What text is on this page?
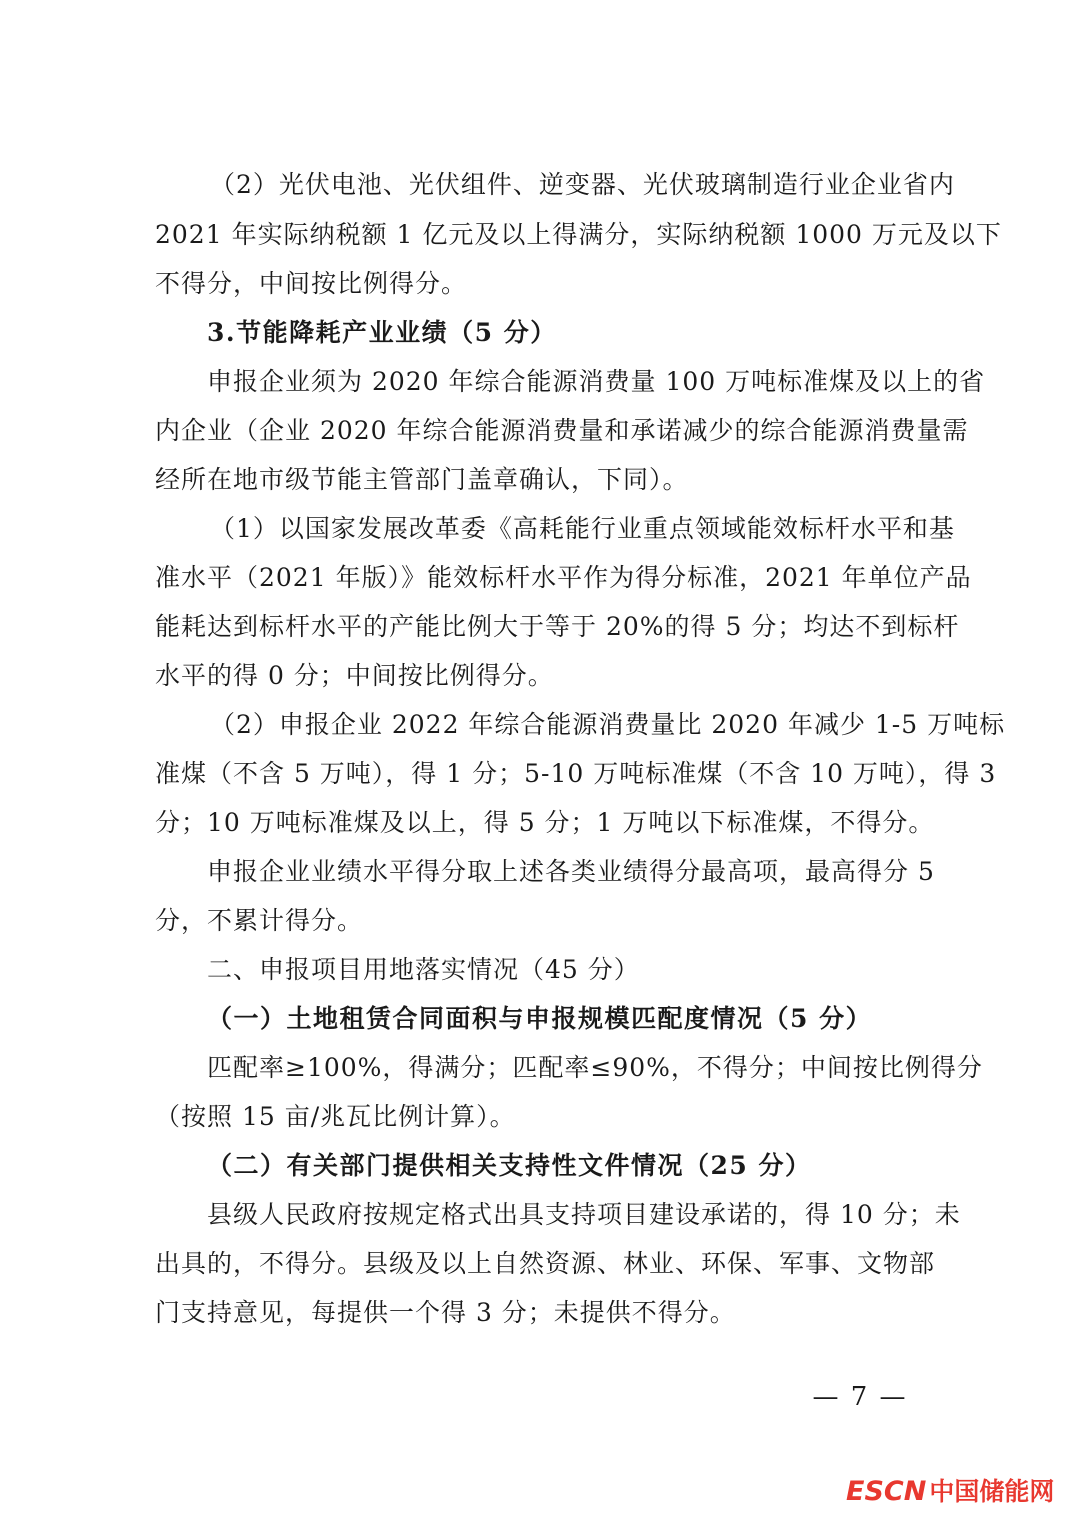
（2）光伏电池、光伏组件、逆变器、光伏玻璃制造行业企业省内
2021 年实际纳税额 1 亿元及以上得满分，实际纳税额 1000 万元及以下
不得分，中间按比例得分。
3.节能降耗产业业绩（5 分）
申报企业须为 2020 年综合能源消费量 100 万吨标准煤及以上的省
内企业（企业 2020 年综合能源消费量和承诺减少的综合能源消费量需
经所在地市级节能主管部门盖章确认，下同）。
（1）以国家发展改革委《高耗能行业重点领域能效标杆水平和基
准水平（2021 年版）》能效标杆水平作为得分标准，2021 年单位产品
能耗达到标杆水平的产能比例大于等于 20%的得 5 分；均达不到标杆
水平的得 0 分；中间按比例得分。
（2）申报企业 2022 年综合能源消费量比 2020 年减少 1-5 万吨标
准煤（不含 5 万吨），得 1 分；5-10 万吨标准煤（不含 10 万吨），得 3
分；10 万吨标准煤及以上，得 5 分；1 万吨以下标准煤，不得分。
申报企业业绩水平得分取上述各类业绩得分最高项，最高得分 5
分，不累计得分。
二、申报项目用地落实情况（45 分）
（一）土地租赁合同面积与申报规模匹配度情况（5 分）
匹配率≥100%，得满分；匹配率≤90%，不得分；中间按比例得分
（按照 15 亩/兆瓦比例计算）。
（二）有关部门提供相关支持性文件情况（25 分）
县级人民政府按规定格式出具支持项目建设承诺的，得 10 分；未
出具的，不得分。县级及以上自然资源、林业、环保、军事、文物部
门支持意见，每提供一个得 3 分；未提供不得分。
— 7 —
ESCN 中国储能网
